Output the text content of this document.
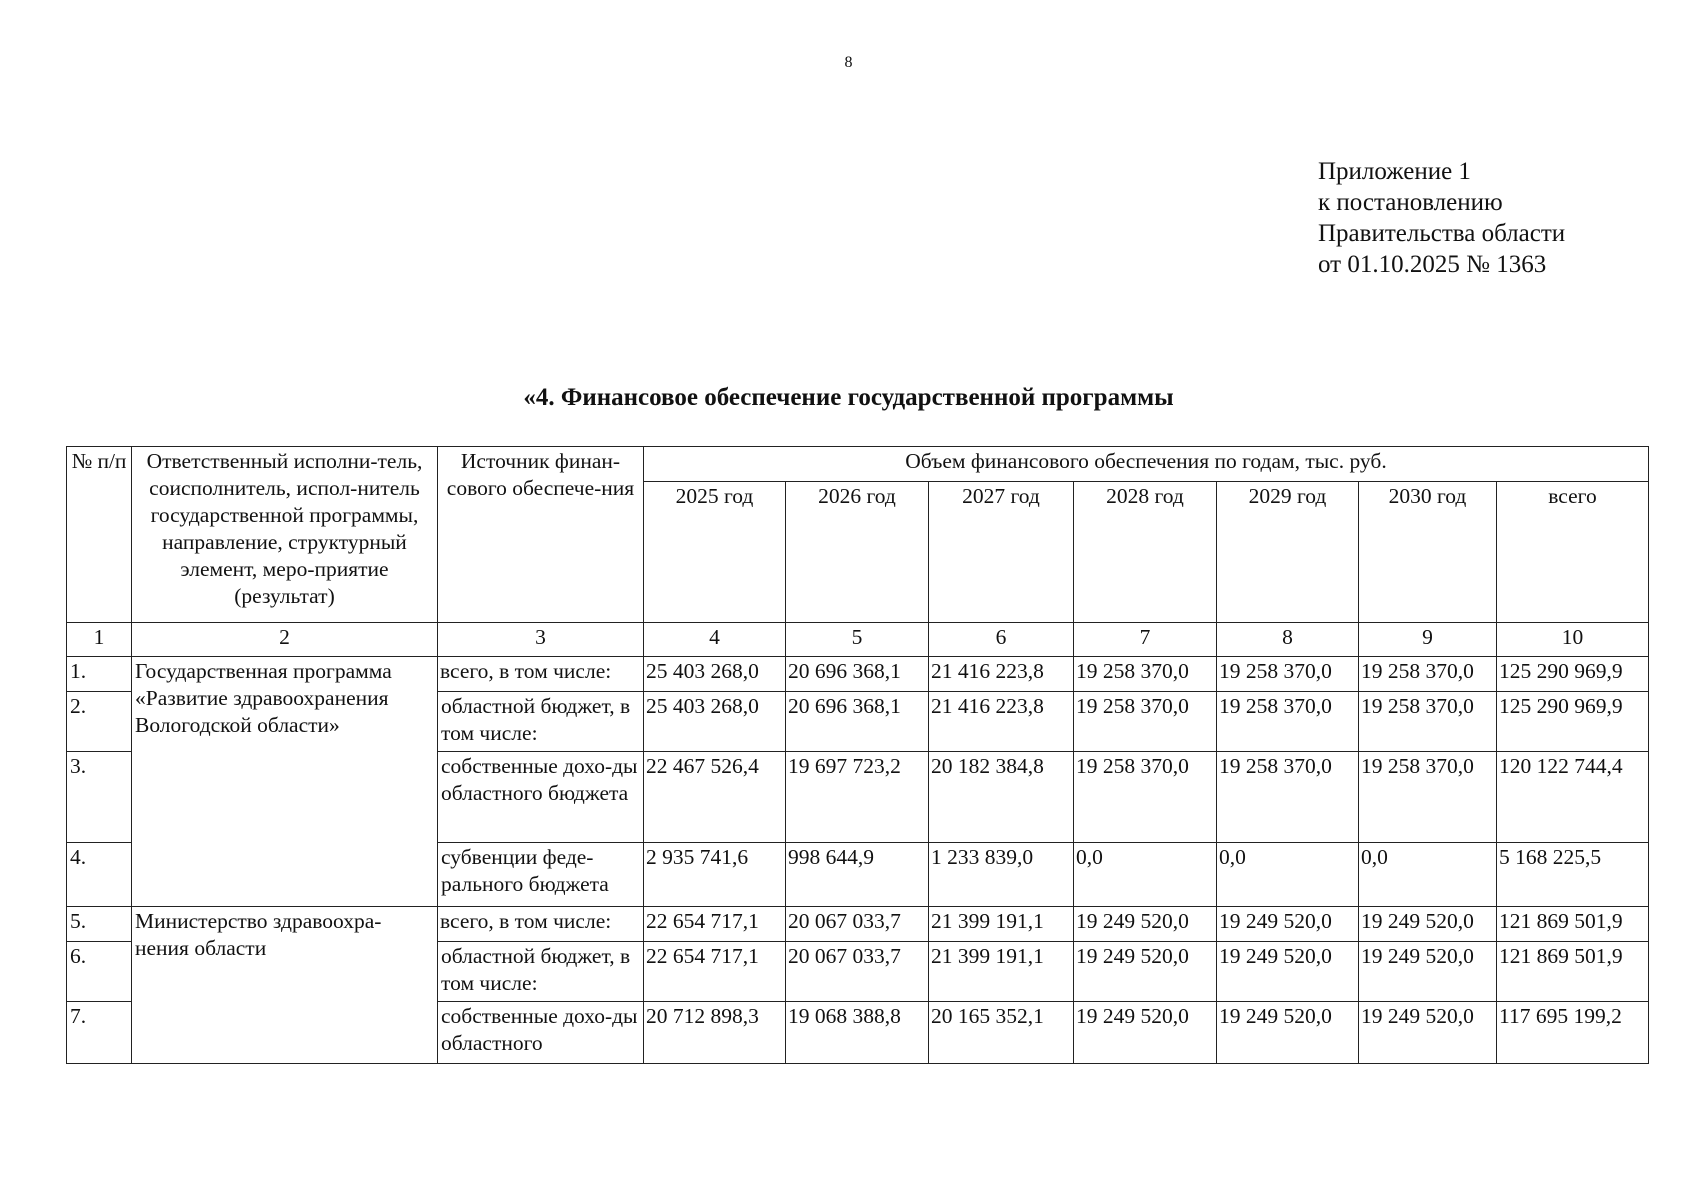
8
Приложение 1
к постановлению
Правительства области
от 01.10.2025 № 1363
«4. Финансовое обеспечение государственной программы
№ п/п	Ответственный исполни-тель, соисполнитель, испол-нитель государственной программы, направление, структурный элемент, меро-приятие (результат)	Источник финан-сового обеспече-ния	Объем финансового обеспечения по годам, тыс. руб.						
			2025 год	2026 год	2027 год	2028 год	2029 год	2030 год	всего
1	2	3	4	5	6	7	8	9	10
1.	Государственная программа «Развитие здравоохранения Вологодской области»	всего, в том числе:	25 403 268,0	20 696 368,1	21 416 223,8	19 258 370,0	19 258 370,0	19 258 370,0	125 290 969,9
2.		областной бюджет, в том числе:	25 403 268,0	20 696 368,1	21 416 223,8	19 258 370,0	19 258 370,0	19 258 370,0	125 290 969,9
3.		собственные дохо-ды областного бюджета	22 467 526,4	19 697 723,2	20 182 384,8	19 258 370,0	19 258 370,0	19 258 370,0	120 122 744,4
4.		субвенции феде-рального бюджета	2 935 741,6	998 644,9	1 233 839,0	0,0	0,0	0,0	5 168 225,5
5.	Министерство здравоохра-нения области	всего, в том числе:	22 654 717,1	20 067 033,7	21 399 191,1	19 249 520,0	19 249 520,0	19 249 520,0	121 869 501,9
6.		областной бюджет, в том числе:	22 654 717,1	20 067 033,7	21 399 191,1	19 249 520,0	19 249 520,0	19 249 520,0	121 869 501,9
7.		собственные дохо-ды областного	20 712 898,3	19 068 388,8	20 165 352,1	19 249 520,0	19 249 520,0	19 249 520,0	117 695 199,2
